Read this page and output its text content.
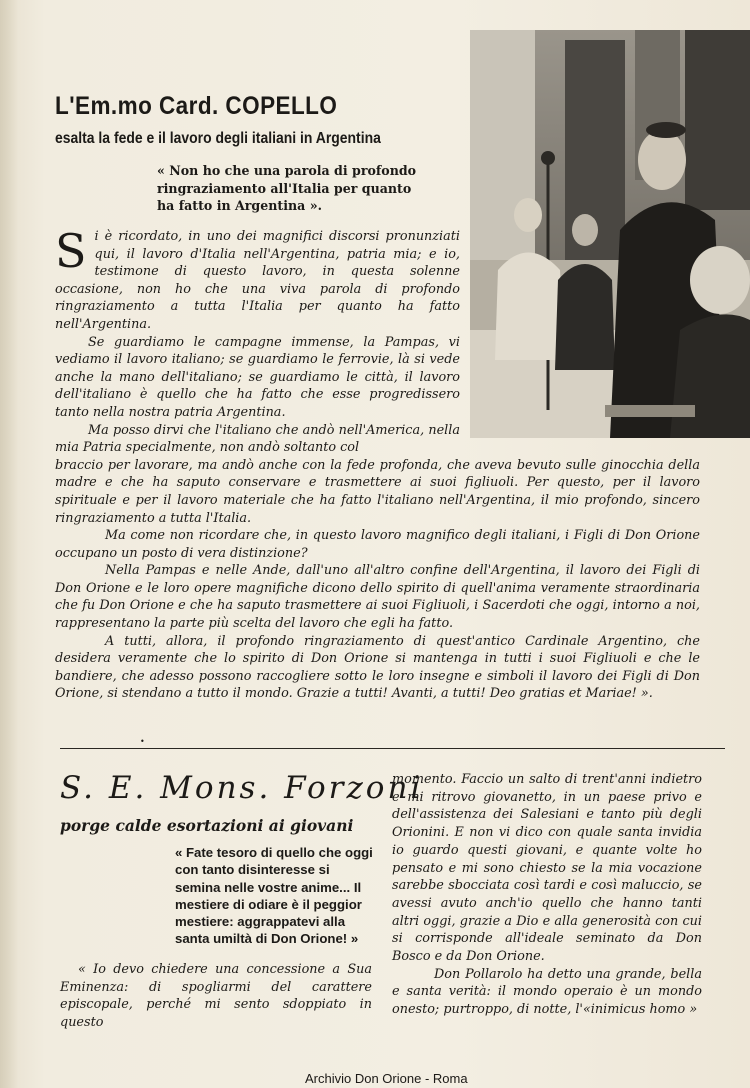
L'Em.mo Card. COPELLO
esalta la fede e il lavoro degli italiani in Argentina

« Non ho che una parola di profondo ringraziamento all'Italia per quanto ha fatto in Argentina ».

Si è ricordato, in uno dei magnifici discorsi pronunziati qui, il lavoro d'Italia nell'Argentina, patria mia; e io, testimone di questo lavoro, in questa solenne occasione, non ho che una viva parola di profondo ringraziamento a tutta l'Italia per quanto ha fatto nell'Argentina.

Se guardiamo le campagne immense, la Pampas, vi vediamo il lavoro italiano; se guardiamo le ferrovie, là si vede anche la mano dell'italiano; se guardiamo le città, il lavoro dell'italiano è quello che ha fatto che esse progredissero tanto nella nostra patria Argentina.

Ma posso dirvi che l'italiano che andò nell'America, nella mia Patria specialmente, non andò soltanto col

braccio per lavorare, ma andò anche con la fede profonda, che aveva bevuto sulle ginocchia della madre e che ha saputo conservare e trasmettere ai suoi figliuoli. Per questo, per il lavoro spirituale e per il lavoro materiale che ha fatto l'italiano nell'Argentina, il mio profondo, sincero ringraziamento a tutta l'Italia.

Ma come non ricordare che, in questo lavoro magnifico degli italiani, i Figli di Don Orione occupano un posto di vera distinzione?

Nella Pampas e nelle Ande, dall'uno all'altro confine dell'Argentina, il lavoro dei Figli di Don Orione e le loro opere magnifiche dicono dello spirito di quell'anima veramente straordinaria che fu Don Orione e che ha saputo trasmettere ai suoi Figliuoli, i Sacerdoti che oggi, intorno a noi, rappresentano la parte più scelta del lavoro che egli ha fatto.

A tutti, allora, il profondo ringraziamento di quest'antico Cardinale Argentino, che desidera veramente che lo spirito di Don Orione si mantenga in tutti i suoi Figliuoli e che le bandiere, che adesso possono raccogliere sotto le loro insegne e simboli il lavoro dei Figli di Don Orione, si stendano a tutto il mondo. Grazie a tutti! Avanti, a tutti! Deo gratias et Mariae! ».

•
S. E. Mons. Forzoni
porge calde esortazioni ai giovani

« Fate tesoro di quello che oggi con tanto disinteresse si semina nelle vostre anime... Il mestiere di odiare è il peggior mestiere: aggrappatevi alla santa umiltà di Don Orione! »

« Io devo chiedere una concessione a Sua Eminenza: di spogliarmi del carattere episcopale, perché mi sento sdoppiato in questo

momento. Faccio un salto di trent'anni indietro e mi ritrovo giovanetto, in un paese privo e dell'assistenza dei Salesiani e tanto più degli Orionini. E non vi dico con quale santa invidia io guardo questi giovani, e quante volte ho pensato e mi sono chiesto se la mia vocazione sarebbe sbocciata così tardi e così maluccio, se avessi avuto anch'io quello che hanno tanti altri oggi, grazie a Dio e alla generosità con cui si corrisponde all'ideale seminato da Don Bosco e da Don Orione.

Don Pollarolo ha detto una grande, bella e santa verità: il mondo operaio è un mondo onesto; purtroppo, di notte, l'«inimicus homo »

Archivio Don Orione - Roma
